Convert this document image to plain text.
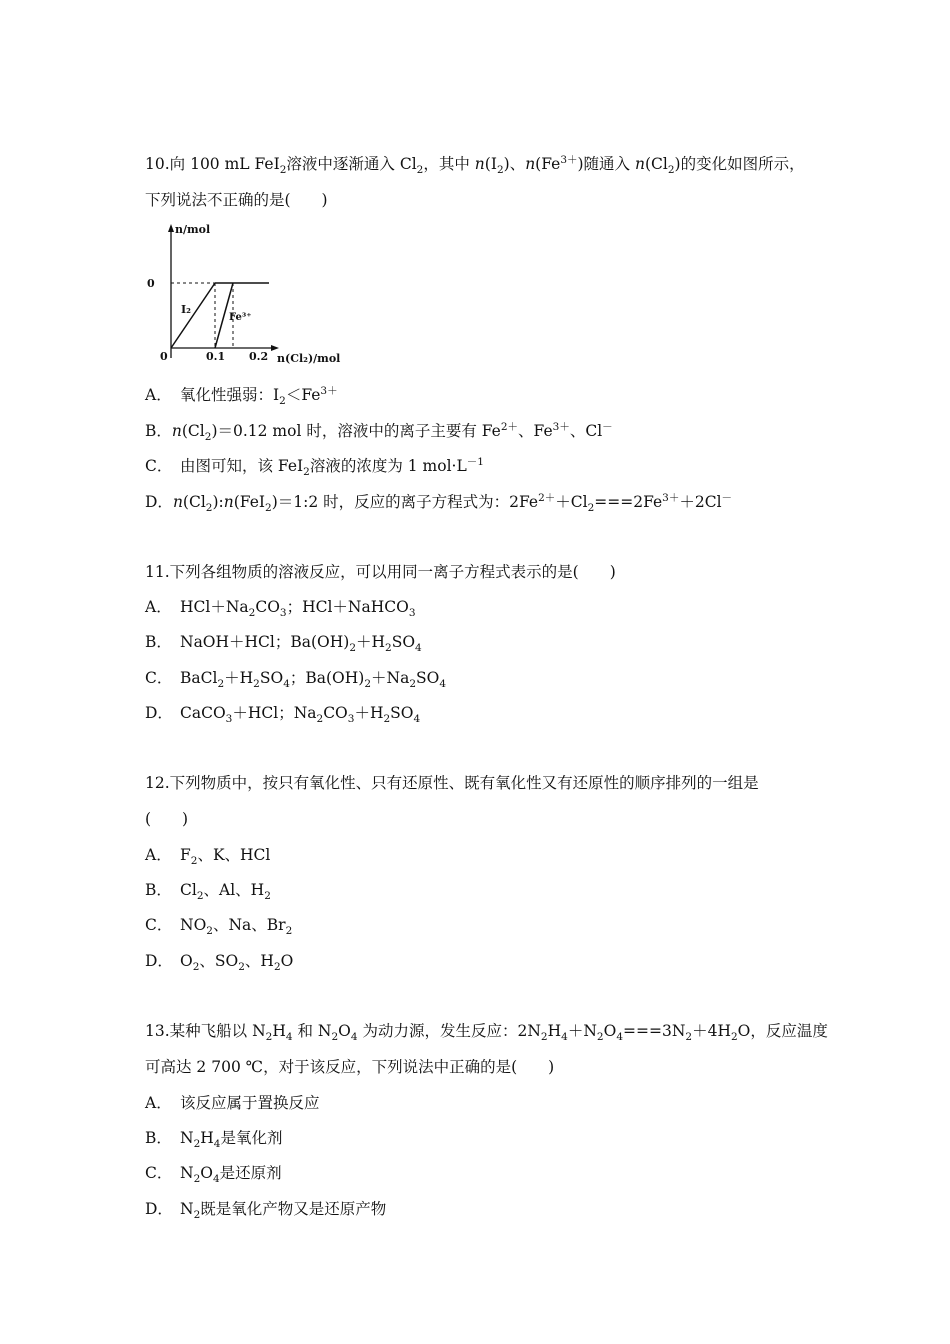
10.向 100 mL FeI$_2$溶液中逐渐通入 $Cl_2$，其中 $n(I_2)$、$n(Fe^{3+})$随通入 $n(Cl_2)$的变化如图所示，
下列说法不正确的是(　　)
n/mol
n(Cl₂)/mol
0
0	0.1 0.2
I₂
Fe³⁺
A． 氧化性强弱：$I_2<Fe^{3+}$
B．$n(Cl_2)=0.12$ mol 时，溶液中的离子主要有 $Fe^{2+}$、$Fe^{3+}$、Cl－
C． 由图可知，该 FeI$_2$溶液的浓度为 1 $mol\cdot L^{-1}$
D．$n(Cl_2):n(FeI_2)=1:2$ 时，反应的离子方程式为：$2Fe^{2+}+Cl_2===2Fe^{3+}+2Cl^-$
11.下列各组物质的溶液反应，可以用同一离子方程式表示的是(　　)
A． $HCl+Na_2CO_3$；HCl＋NaHCO$_3$
B． NaOH＋HCl；$Ba(OH)_2+H_2SO_4$
C． $BaCl_2+H_2SO_4$；$Ba(OH)_2+Na_2SO_4$
D． CaCO$_3$＋HCl；$Na_2CO_3+H_2SO_4$
12.下列物质中，按只有氧化性、只有还原性、既有氧化性又有还原性的顺序排列的一组是
(　　)
A． $F_2$、K、HCl
B． $Cl_2$、Al、$H_2$
C． $NO_2$、Na、$Br_2$
D． $O_2$、$SO_2$、$H_2O$
13.某种飞船以 $N_2H_4$ 和 $N_2O_4$ 为动力源，发生反应：$2N_2H_4+N_2O_4===3N_2+4H_2O$，反应温度
可高达 2 700 ℃，对于该反应，下列说法中正确的是(　　)
A． 该反应属于置换反应
B． $N_2H_4$是氧化剂
C． $N_2O_4$是还原剂
D． $N_2$既是氧化产物又是还原产物
